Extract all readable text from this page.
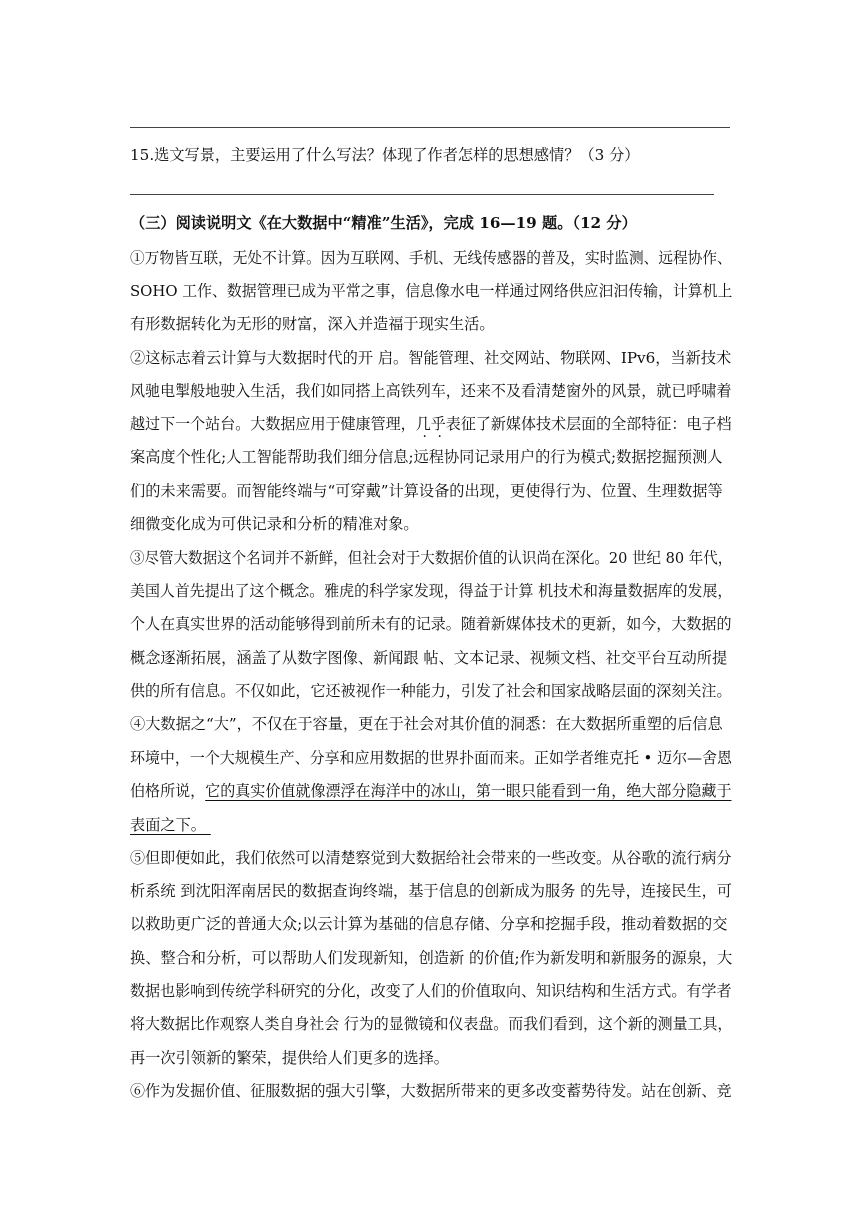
15.选文写景，主要运用了什么写法？体现了作者怎样的思想感情？（3 分）
（三）阅读说明文《在大数据中“精准”生活》，完成 16—19 题。（12 分）
①万物皆互联，无处不计算。因为互联网、手机、无线传感器的普及，实时监测、远程协作、
SOHO 工作、数据管理已成为平常之事，信息像水电一样通过网络供应汩汩传输，计算机上
有形数据转化为无形的财富，深入并造福于现实生活。
②这标志着云计算与大数据时代的开 启。智能管理、社交网站、物联网、IPv6，当新技术
风驰电掣般地驶入生活，我们如同搭上高铁列车，还来不及看清楚窗外的风景，就已呼啸着
越过下一个站台。大数据应用于健康管理，几乎表征了新媒体技术层面的全部特征：电子档
案高度个性化;人工智能帮助我们细分信息;远程协同记录用户的行为模式;数据挖掘预测人
们的未来需要。而智能终端与“可穿戴”计算设备的出现，更使得行为、位置、生理数据等
细微变化成为可供记录和分析的精准对象。
③尽管大数据这个名词并不新鲜，但社会对于大数据价值的认识尚在深化。20 世纪 80 年代，
美国人首先提出了这个概念。雅虎的科学家发现，得益于计算 机技术和海量数据库的发展，
个人在真实世界的活动能够得到前所未有的记录。随着新媒体技术的更新，如今，大数据的
概念逐渐拓展，涵盖了从数字图像、新闻跟 帖、文本记录、视频文档、社交平台互动所提
供的所有信息。不仅如此，它还被视作一种能力，引发了社会和国家战略层面的深刻关注。
④大数据之“大”，不仅在于容量，更在于社会对其价值的洞悉：在大数据所重塑的后信息
环境中，一个大规模生产、分享和应用数据的世界扑面而来。正如学者维克托 • 迈尔—舍恩
伯格所说，它的真实价值就像漂浮在海洋中的冰山，第一眼只能看到一角，绝大部分隐藏于
表面之下。
⑤但即便如此，我们依然可以清楚察觉到大数据给社会带来的一些改变。从谷歌的流行病分
析系统 到沈阳浑南居民的数据查询终端，基于信息的创新成为服务 的先导，连接民生，可
以救助更广泛的普通大众;以云计算为基础的信息存储、分享和挖掘手段，推动着数据的交
换、整合和分析，可以帮助人们发现新知，创造新 的价值;作为新发明和新服务的源泉，大
数据也影响到传统学科研究的分化，改变了人们的价值取向、知识结构和生活方式。有学者
将大数据比作观察人类自身社会 行为的显微镜和仪表盘。而我们看到，这个新的测量工具，
再一次引领新的繁荣，提供给人们更多的选择。
⑥作为发掘价值、征服数据的强大引擎，大数据所带来的更多改变蓄势待发。站在创新、竞
